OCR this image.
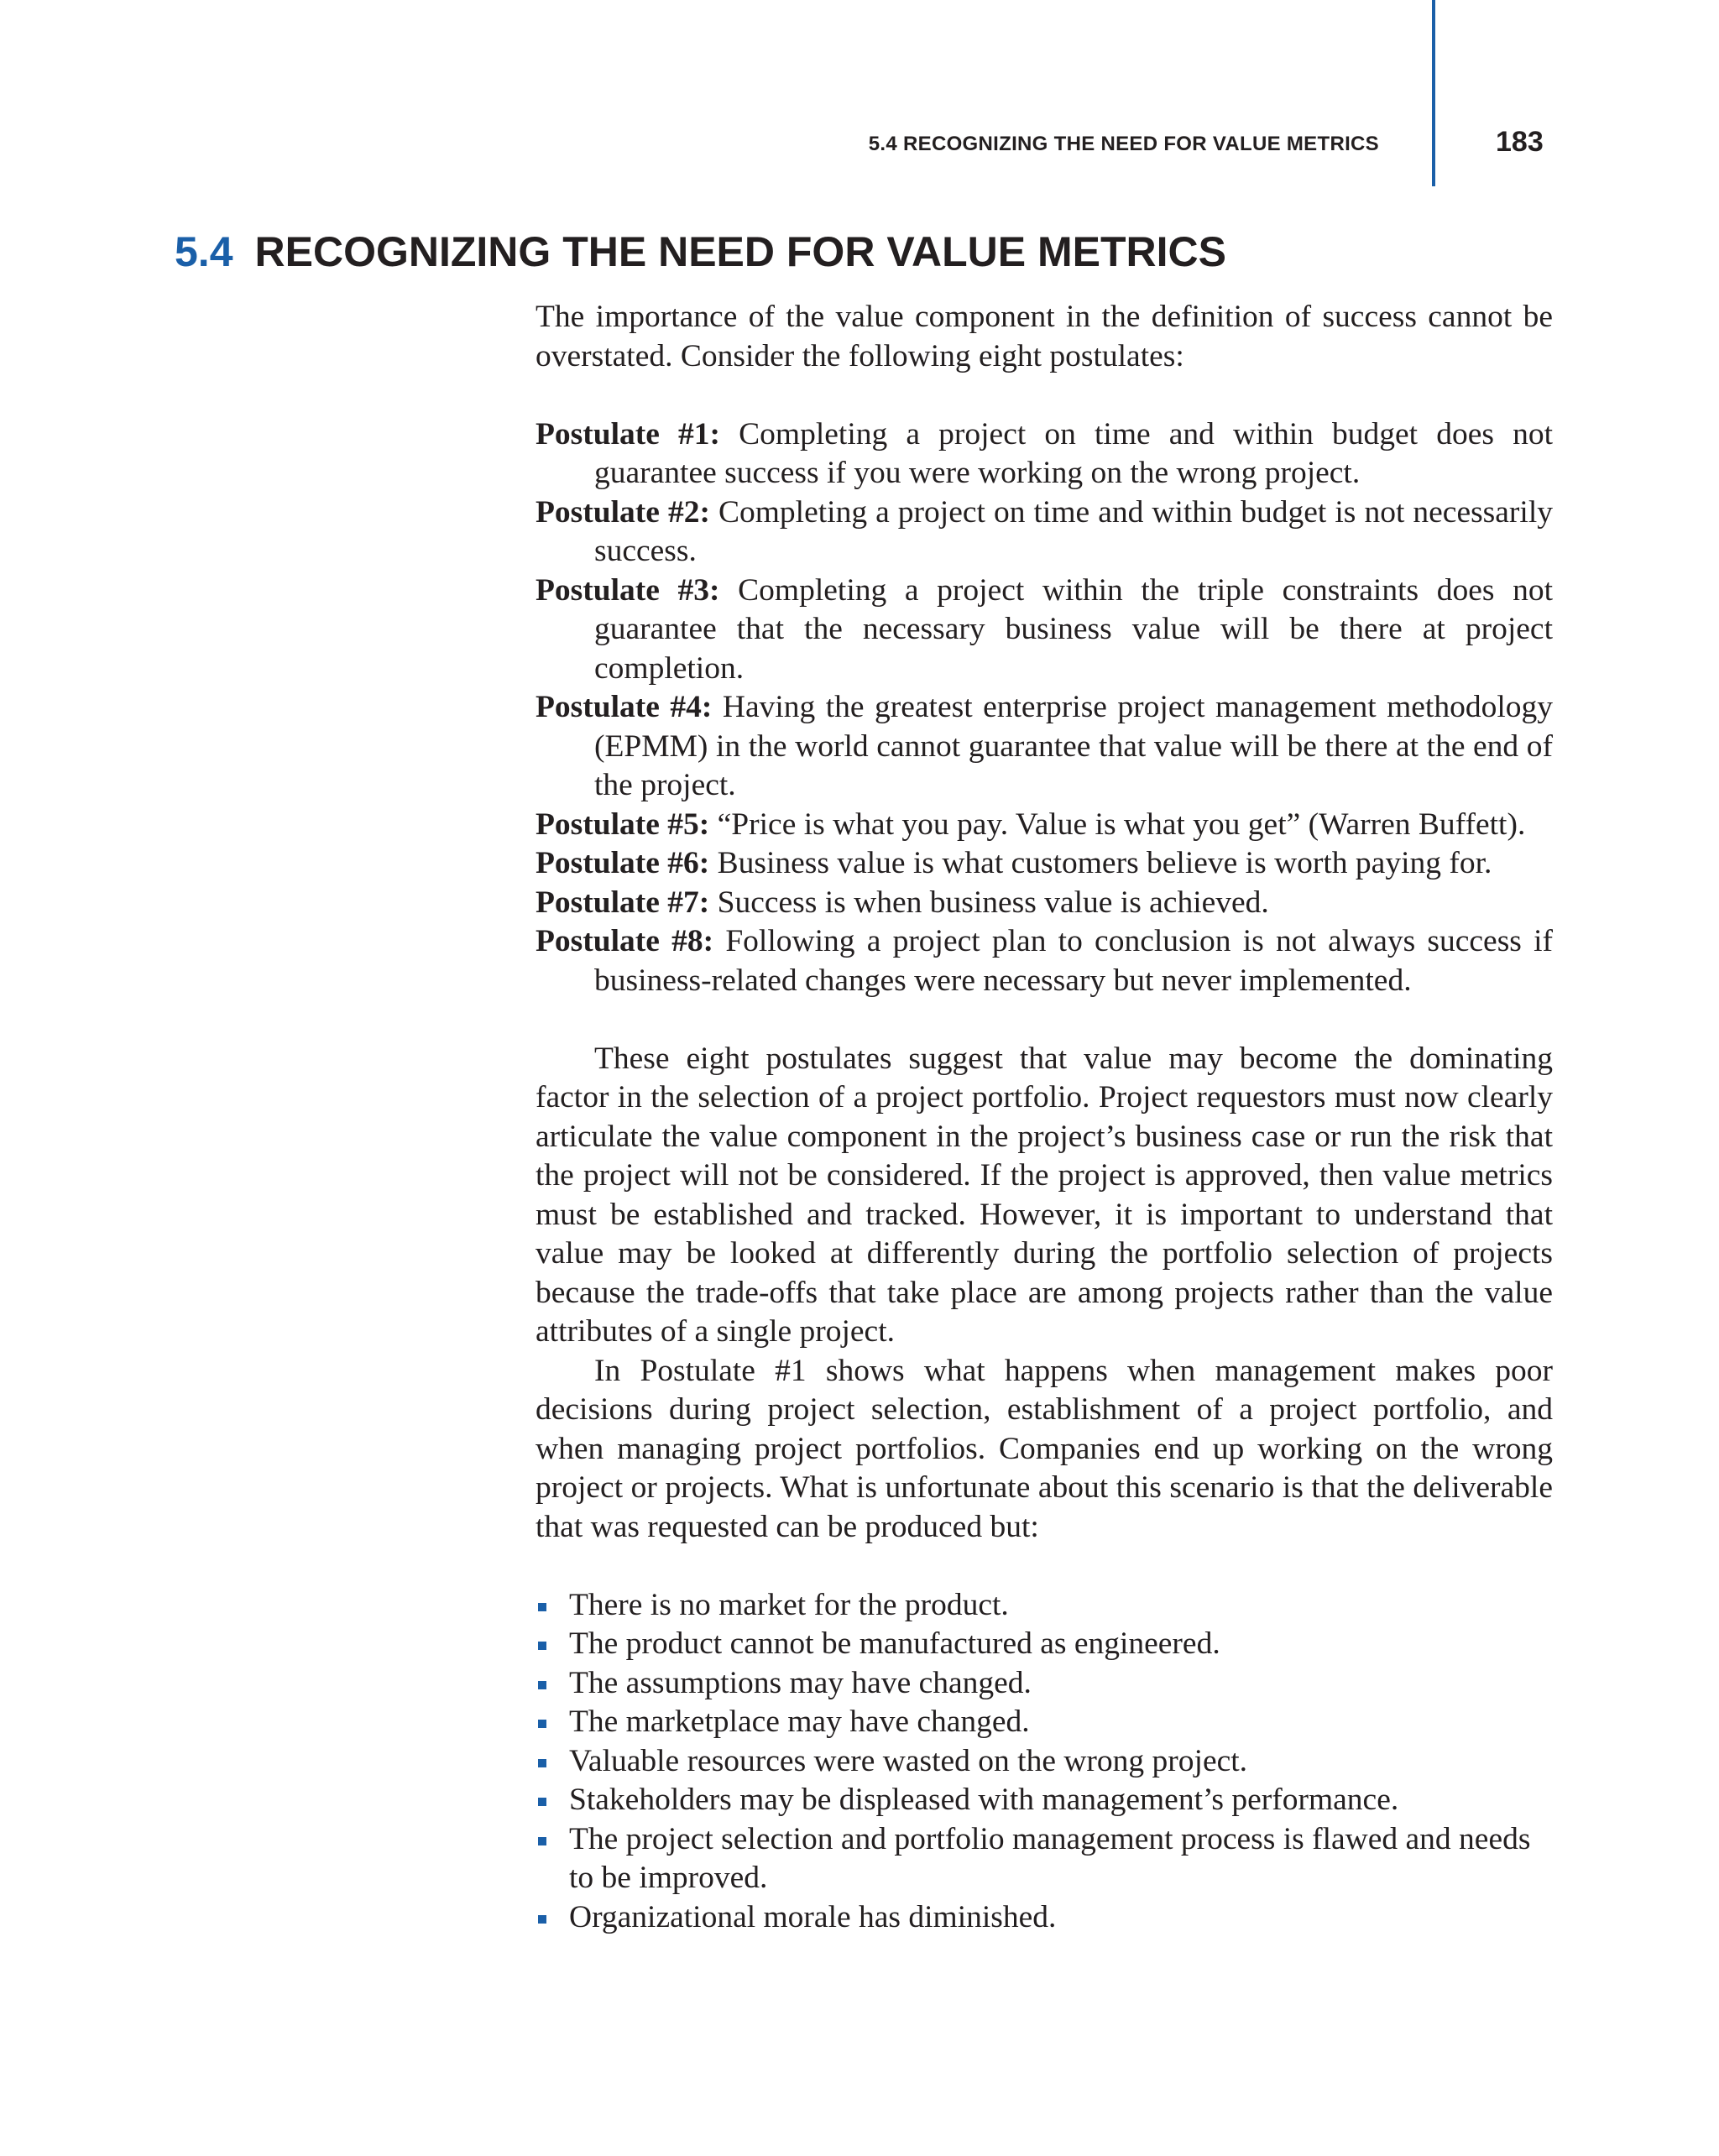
5.4 RECOGNIZING THE NEED FOR VALUE METRICS	183
5.4 RECOGNIZING THE NEED FOR VALUE METRICS

The importance of the value component in the definition of success cannot be overstated. Consider the following eight postulates:

Postulate #1: Completing a project on time and within budget does not guarantee success if you were working on the wrong project.

Postulate #2: Completing a project on time and within budget is not necessarily success.

Postulate #3: Completing a project within the triple constraints does not guarantee that the necessary business value will be there at project completion.

Postulate #4: Having the greatest enterprise project management methodology (EPMM) in the world cannot guarantee that value will be there at the end of the project.

Postulate #5: “Price is what you pay. Value is what you get” (Warren Buffett).

Postulate #6: Business value is what customers believe is worth paying for.

Postulate #7: Success is when business value is achieved.

Postulate #8: Following a project plan to conclusion is not always success if business-related changes were necessary but never implemented.

These eight postulates suggest that value may become the dominating factor in the selection of a project portfolio. Project requestors must now clearly articulate the value component in the project’s business case or run the risk that the project will not be considered. If the project is approved, then value metrics must be established and tracked. However, it is important to understand that value may be looked at differently during the portfolio selection of projects because the trade-offs that take place are among projects rather than the value attributes of a single project.

In Postulate #1 shows what happens when management makes poor decisions during project selection, establishment of a project portfolio, and when managing project portfolios. Companies end up working on the wrong project or projects. What is unfortunate about this scenario is that the deliverable that was requested can be produced but:

There is no market for the product.
The product cannot be manufactured as engineered.
The assumptions may have changed.
The marketplace may have changed.
Valuable resources were wasted on the wrong project.
Stakeholders may be displeased with management’s performance.
The project selection and portfolio management process is flawed and needs to be improved.
Organizational morale has diminished.
